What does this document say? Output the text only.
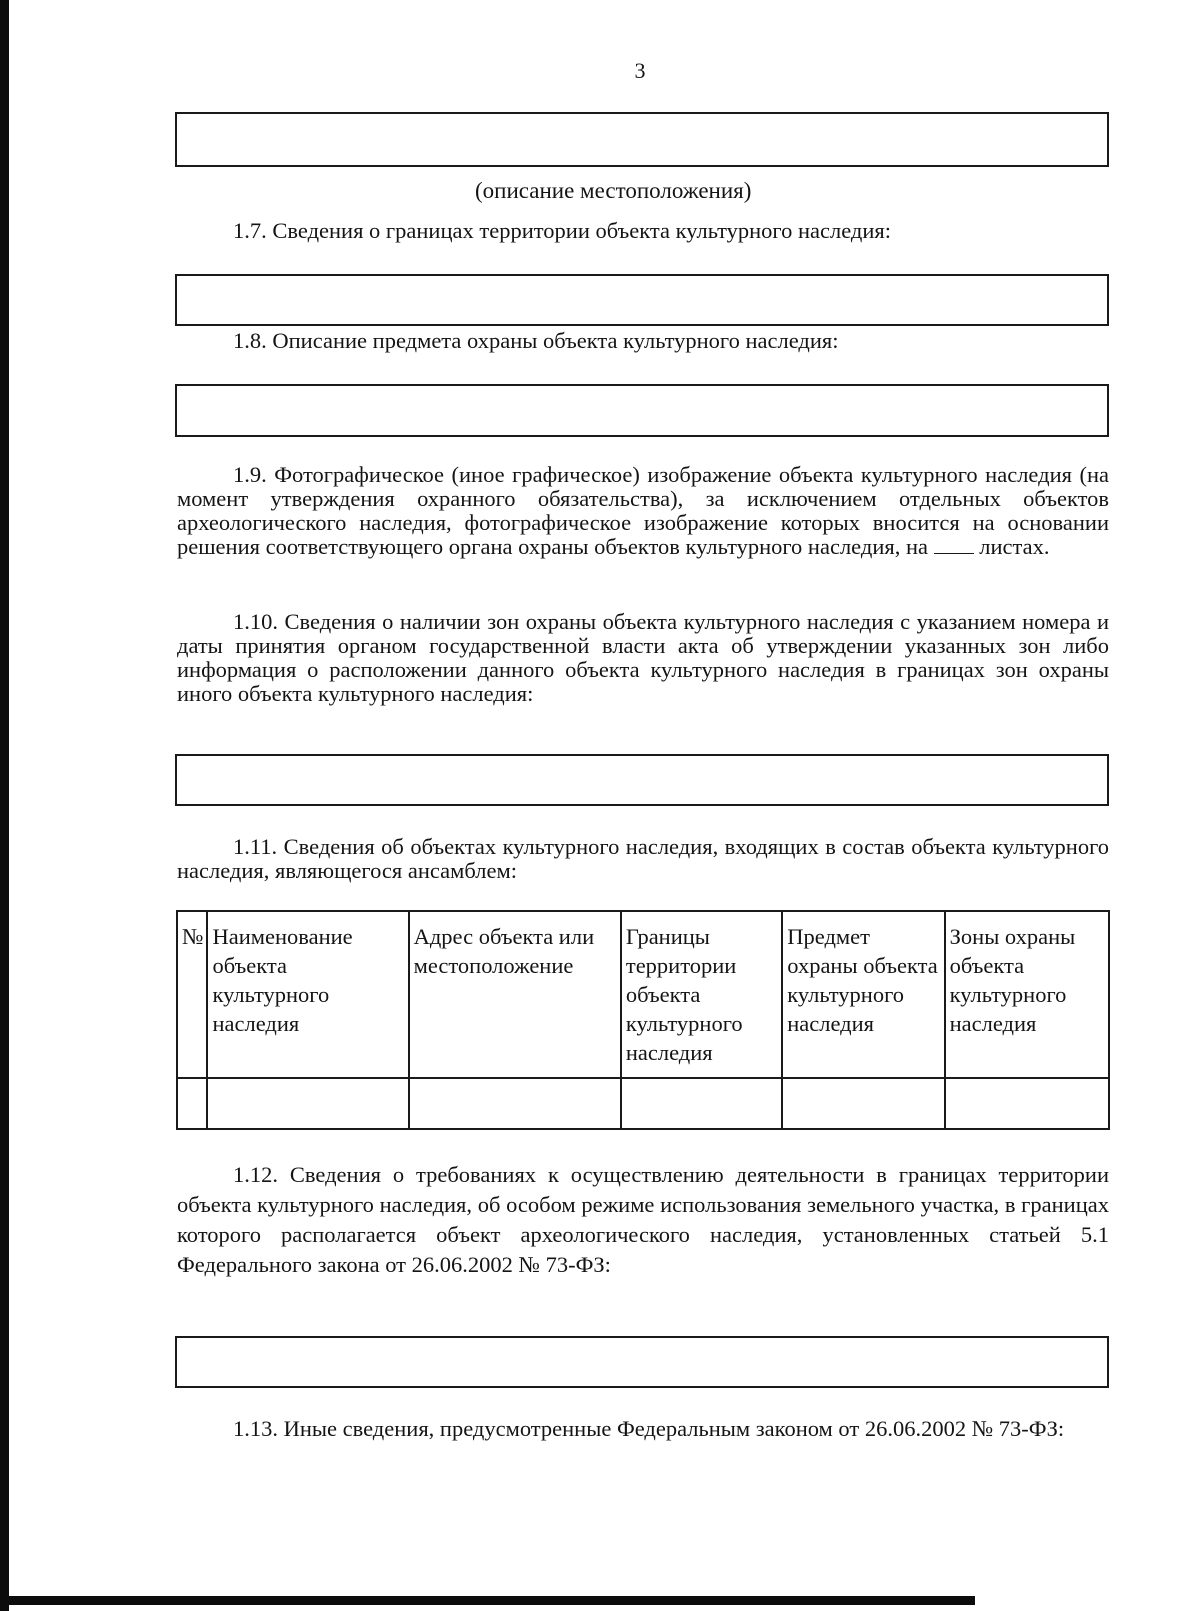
3
(описание местоположения)
1.7. Сведения о границах территории объекта культурного наследия:
1.8. Описание предмета охраны объекта культурного наследия:
1.9. Фотографическое (иное графическое) изображение объекта культурного наследия (на момент утверждения охранного обязательства), за исключением отдельных объектов археологического наследия, фотографическое изображение которых вносится на основании решения соответствующего органа охраны объектов культурного наследия, на листах.
1.10. Сведения о наличии зон охраны объекта культурного наследия с указанием номера и даты принятия органом государственной власти акта об утверждении указанных зон либо информация о расположении данного объекта культурного наследия в границах зон охраны иного объекта культурного наследия:
1.11. Сведения об объектах культурного наследия, входящих в состав объекта культурного наследия, являющегося ансамблем:
№	Наименование объекта культурного наследия	Адрес объекта или местоположение	Границы территории объекта культурного наследия	Предмет охраны объекта культурного наследия	Зоны охраны объекта культурного наследия

1.12. Сведения о требованиях к осуществлению деятельности в границах территории объекта культурного наследия, об особом режиме использования земельного участка, в границах которого располагается объект археологического наследия, установленных статьей 5.1 Федерального закона от 26.06.2002 № 73-ФЗ:
1.13. Иные сведения, предусмотренные Федеральным законом от 26.06.2002 № 73-ФЗ:
